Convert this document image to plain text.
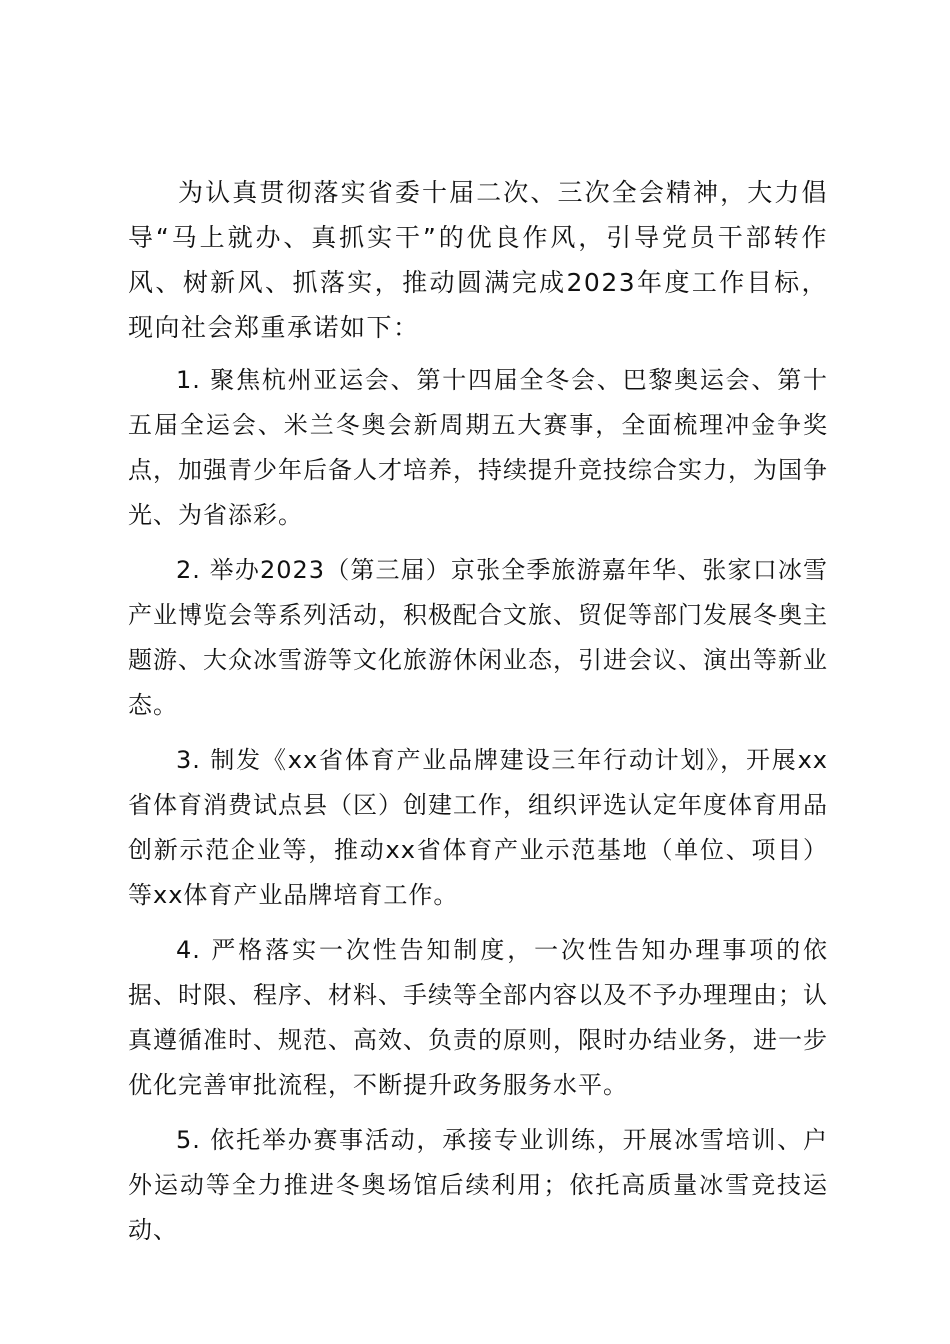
为认真贯彻落实省委十届二次、三次全会精神，大力倡导“马上就办、真抓实干”的优良作风，引导党员干部转作风、树新风、抓落实，推动圆满完成2023年度工作目标，现向社会郑重承诺如下：

1. 聚焦杭州亚运会、第十四届全冬会、巴黎奥运会、第十五届全运会、米兰冬奥会新周期五大赛事，全面梳理冲金争奖点，加强青少年后备人才培养，持续提升竞技综合实力，为国争光、为省添彩。

2. 举办2023（第三届）京张全季旅游嘉年华、张家口冰雪产业博览会等系列活动，积极配合文旅、贸促等部门发展冬奥主题游、大众冰雪游等文化旅游休闲业态，引进会议、演出等新业态。

3. 制发《xx省体育产业品牌建设三年行动计划》，开展xx省体育消费试点县（区）创建工作，组织评选认定年度体育用品创新示范企业等，推动xx省体育产业示范基地（单位、项目）等xx体育产业品牌培育工作。

4. 严格落实一次性告知制度，一次性告知办理事项的依据、时限、程序、材料、手续等全部内容以及不予办理理由；认真遵循准时、规范、高效、负责的原则，限时办结业务，进一步优化完善审批流程，不断提升政务服务水平。

5. 依托举办赛事活动，承接专业训练，开展冰雪培训、户外运动等全力推进冬奥场馆后续利用；依托高质量冰雪竞技运动、
